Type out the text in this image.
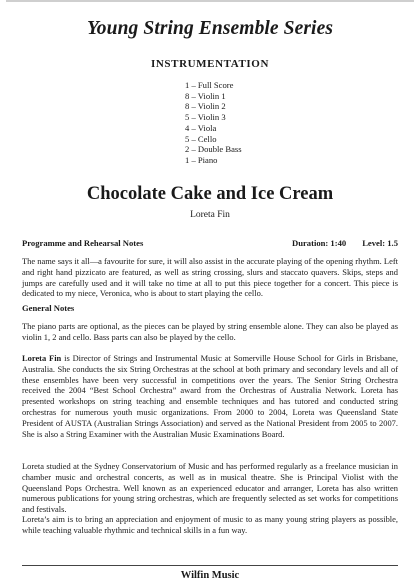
Young String Ensemble Series
INSTRUMENTATION
1 – Full Score
8 – Violin 1
8 – Violin 2
5 – Violin 3
4 – Viola
5 – Cello
2 – Double Bass
1 – Piano
Chocolate Cake and Ice Cream
Loreta Fin
Programme and Rehearsal Notes	Duration: 1:40 Level: 1.5

The name says it all—a favourite for sure, it will also assist in the accurate playing of the opening rhythm. Left and right hand pizzicato are featured, as well as string crossing, slurs and staccato quavers. Skips, steps and jumps are carefully used and it will take no time at all to put this piece together for a concert. This piece is dedicated to my niece, Veronica, who is about to start playing the cello.

General Notes

The piano parts are optional, as the pieces can be played by string ensemble alone. They can also be played as violin 1, 2 and cello. Bass parts can also be played by the cello.

Loreta Fin is Director of Strings and Instrumental Music at Somerville House School for Girls in Brisbane, Australia. She conducts the six String Orchestras at the school at both primary and secondary levels and all of these ensembles have been very successful in competitions over the years. The Senior String Orchestra received the 2004 “Best School Orchestra” award from the Orchestras of Australia Network. Loreta has presented workshops on string teaching and ensemble techniques and has tutored and conducted string orchestras for numerous youth music organizations. From 2000 to 2004, Loreta was Queensland State President of AUSTA (Australian Strings Association) and served as the National President from 2005 to 2007. She is also a String Examiner with the Australian Music Examinations Board.

Loreta studied at the Sydney Conservatorium of Music and has performed regularly as a freelance musician in chamber music and orchestral concerts, as well as in musical theatre. She is Principal Violist with the Queensland Pops Orchestra. Well known as an experienced educator and arranger, Loreta has also written numerous publications for young string orchestras, which are frequently selected as set works for competitions and festivals.

Loreta’s aim is to bring an appreciation and enjoyment of music to as many young string players as possible, while teaching valuable rhythmic and technical skills in a fun way.

Wilfin Music
